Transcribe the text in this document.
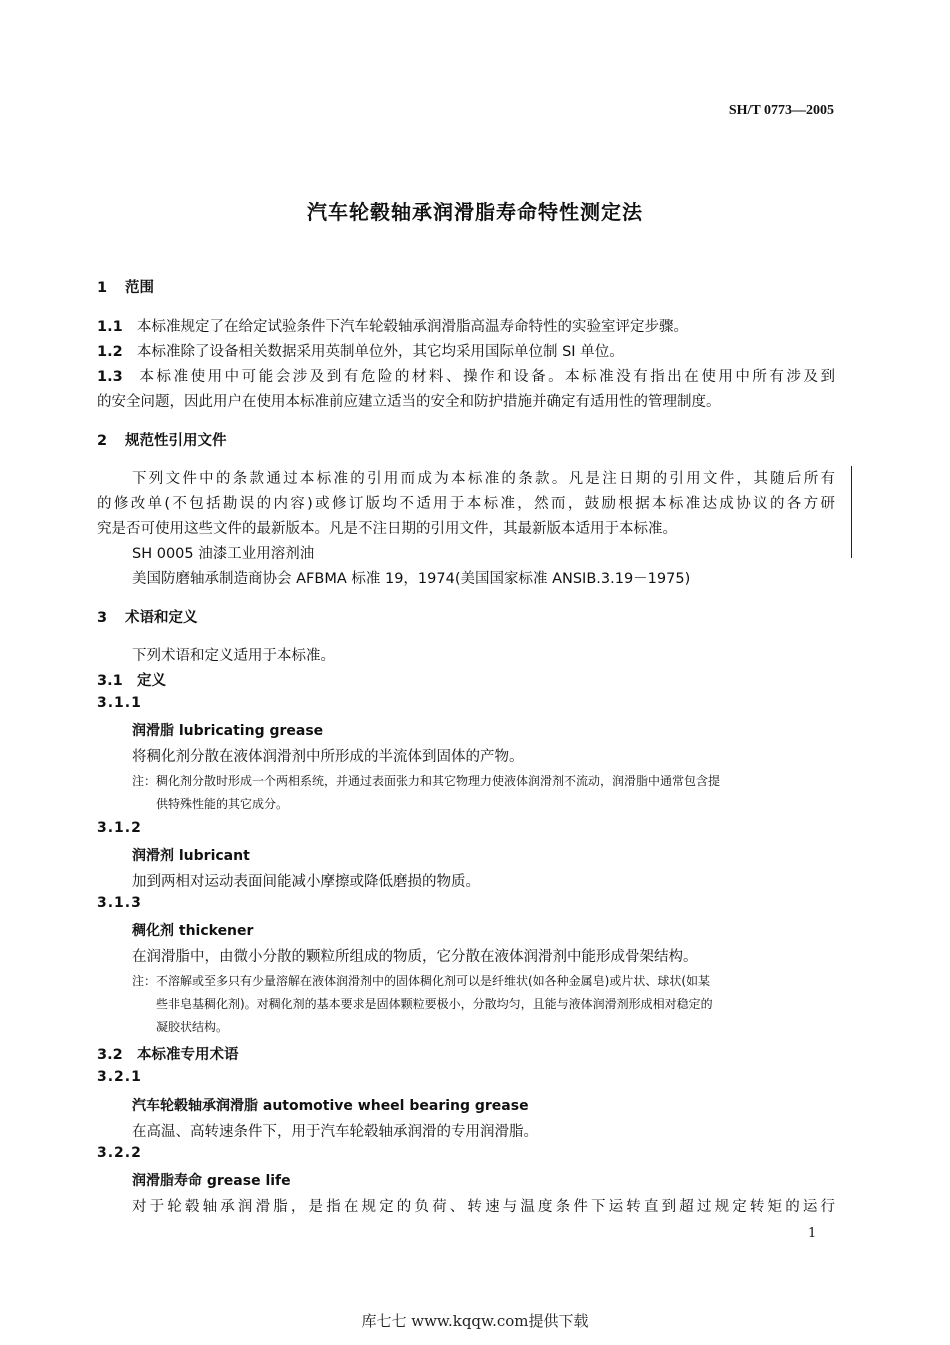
SH/T 0773—2005
汽车轮毂轴承润滑脂寿命特性测定法
1 范围
1.1 本标准规定了在给定试验条件下汽车轮毂轴承润滑脂高温寿命特性的实验室评定步骤。
1.2 本标准除了设备相关数据采用英制单位外，其它均采用国际单位制 SI 单位。
1.3 本标准使用中可能会涉及到有危险的材料、操作和设备。本标准没有指出在使用中所有涉及到
的安全问题，因此用户在使用本标准前应建立适当的安全和防护措施并确定有适用性的管理制度。
2 规范性引用文件
下列文件中的条款通过本标准的引用而成为本标准的条款。凡是注日期的引用文件，其随后所有
的修改单(不包括勘误的内容)或修订版均不适用于本标准，然而，鼓励根据本标准达成协议的各方研
究是否可使用这些文件的最新版本。凡是不注日期的引用文件，其最新版本适用于本标准。
SH 0005 油漆工业用溶剂油
美国防磨轴承制造商协会 AFBMA 标准 19，1974(美国国家标准 ANSIB.3.19－1975)
3 术语和定义
下列术语和定义适用于本标准。
3.1 定义
3.1.1
润滑脂 lubricating grease
将稠化剂分散在液体润滑剂中所形成的半流体到固体的产物。
注：稠化剂分散时形成一个两相系统，并通过表面张力和其它物理力使液体润滑剂不流动，润滑脂中通常包含提
供特殊性能的其它成分。
3.1.2
润滑剂 lubricant
加到两相对运动表面间能减小摩擦或降低磨损的物质。
3.1.3
稠化剂 thickener
在润滑脂中，由微小分散的颗粒所组成的物质，它分散在液体润滑剂中能形成骨架结构。
注：不溶解或至多只有少量溶解在液体润滑剂中的固体稠化剂可以是纤维状(如各种金属皂)或片状、球状(如某
些非皂基稠化剂)。对稠化剂的基本要求是固体颗粒要极小，分散均匀，且能与液体润滑剂形成相对稳定的
凝胶状结构。
3.2 本标准专用术语
3.2.1
汽车轮毂轴承润滑脂 automotive wheel bearing grease
在高温、高转速条件下，用于汽车轮毂轴承润滑的专用润滑脂。
3.2.2
润滑脂寿命 grease life
对于轮毂轴承润滑脂，是指在规定的负荷、转速与温度条件下运转直到超过规定转矩的运行
1
库七七 www.kqqw.com提供下载
